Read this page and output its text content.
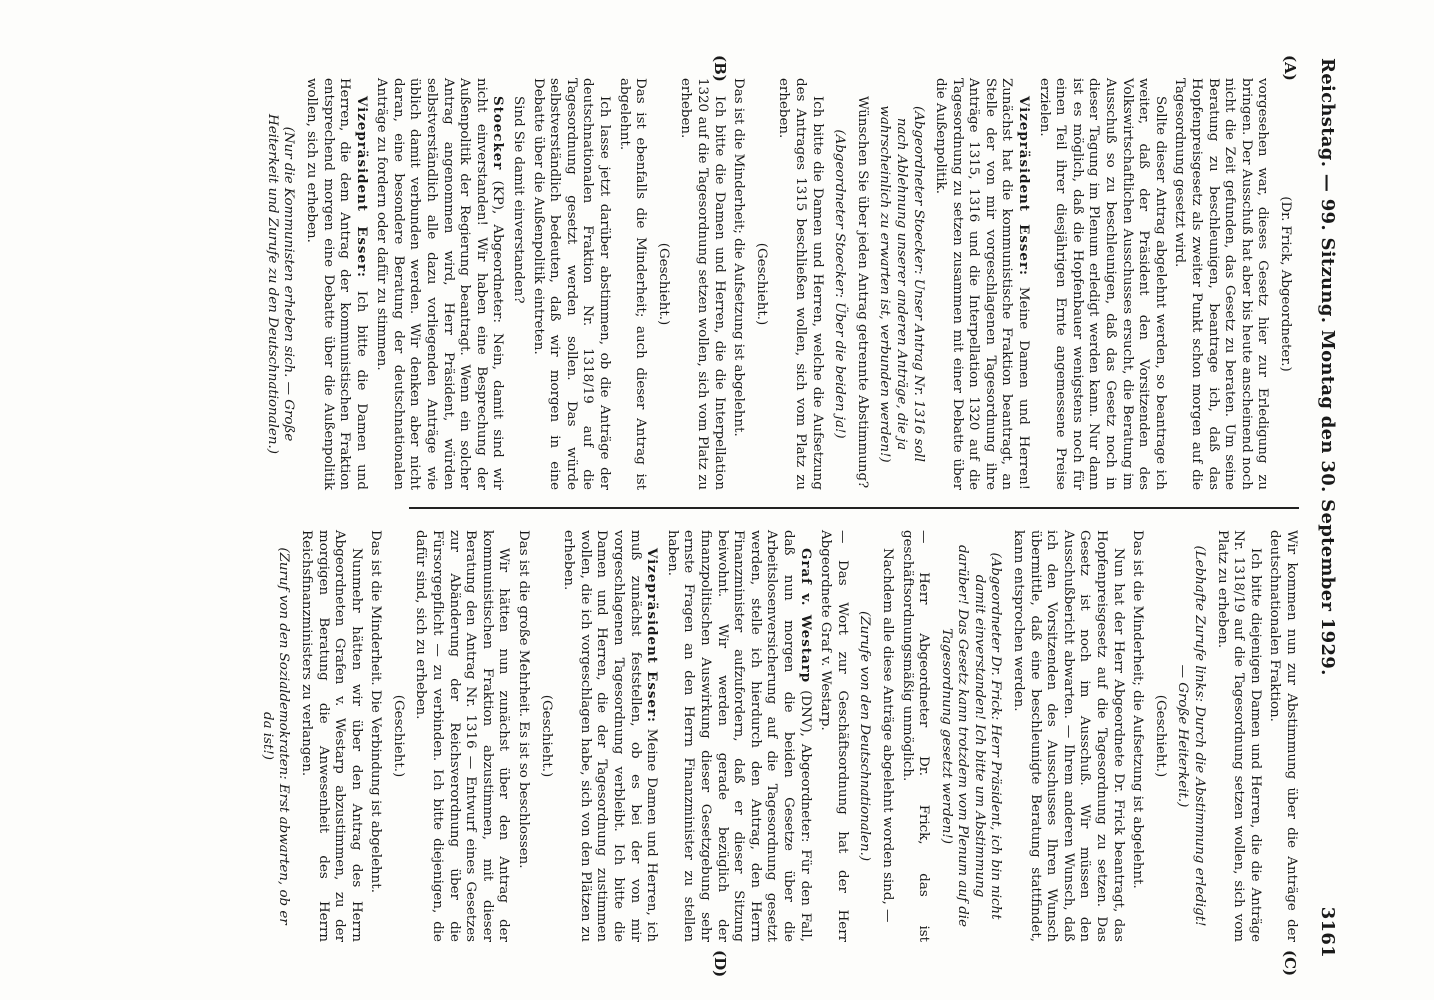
Reichstag. — 99. Sitzung. Montag den 30. September 1929.
3161
(A)
(B)
(C)
(D)

(Dr. Frick, Abgeordneter.)

vorgesehen war, dieses Gesetz hier zur Erledigung zu bringen. Der Ausschuß hat aber bis heute anscheinend noch nicht die Zeit gefunden, das Gesetz zu beraten. Um seine Beratung zu beschleunigen, beantrage ich, daß das Hopfenpreisgesetz als zweiter Punkt schon morgen auf die Tagesordnung gesetzt wird.

Sollte dieser Antrag abgelehnt werden, so beantrage ich weiter, daß der Präsident den Vorsitzenden des Volkswirtschaftlichen Ausschusses ersucht, die Beratung im Ausschuß so zu beschleunigen, daß das Gesetz noch in dieser Tagung im Plenum erledigt werden kann. Nur dann ist es möglich, daß die Hopfenbauer wenigstens noch für einen Teil ihrer diesjährigen Ernte angemessene Preise erzielen.

Vizepräsident Esser: Meine Damen und Herren! Zunächst hat die kommunistische Fraktion beantragt, an Stelle der von mir vorgeschlagenen Tagesordnung ihre Anträge 1315, 1316 und die Interpellation 1320 auf die Tagesordnung zu setzen zusammen mit einer Debatte über die Außenpolitik.

(Abgeordneter Stoecker: Unser Antrag Nr. 1316 soll nach Ablehnung unserer anderen Anträge, die ja wahrscheinlich zu erwarten ist, verbunden werden!)

Wünschen Sie über jeden Antrag getrennte Abstimmung?

(Abgeordneter Stoecker: Über die beiden ja!)

Ich bitte die Damen und Herren, welche die Aufsetzung des Antrages 1315 beschließen wollen, sich vom Platz zu erheben.

(Geschieht.)

Das ist die Minderheit; die Aufsetzung ist abgelehnt.

Ich bitte die Damen und Herren, die die Interpellation 1320 auf die Tagesordnung setzen wollen, sich vom Platz zu erheben.

(Geschieht.)

Das ist ebenfalls die Minderheit; auch dieser Antrag ist abgelehnt.

Ich lasse jetzt darüber abstimmen, ob die Anträge der deutschnationalen Fraktion Nr. 1318/19 auf die Tagesordnung gesetzt werden sollen. Das würde selbstverständlich bedeuten, daß wir morgen in eine Debatte über die Außenpolitik eintreten.

Sind Sie damit einverstanden?

Stoecker (KP), Abgeordneter: Nein, damit sind wir nicht einverstanden! Wir haben eine Besprechung der Außenpolitik der Regierung beantragt. Wenn ein solcher Antrag angenommen wird, Herr Präsident, würden selbstverständlich alle dazu vorliegenden Anträge wie üblich damit verbunden werden. Wir denken aber nicht daran, eine besondere Beratung der deutschnationalen Anträge zu fordern oder dafür zu stimmen.

Vizepräsident Esser: Ich bitte die Damen und Herren, die dem Antrag der kommunistischen Fraktion entsprechend morgen eine Debatte über die Außenpolitik wollen, sich zu erheben.

(Nur die Kommunisten erheben sich. — Große Heiterkeit und Zurufe zu den Deutschnationalen.)

Wir kommen nun zur Abstimmung über die Anträge der deutschnationalen Fraktion.

Ich bitte diejenigen Damen und Herren, die die Anträge Nr. 1318/19 auf die Tagesordnung setzen wollen, sich vom Platz zu erheben.

(Lebhafte Zurufe links: Durch die Abstimmung erledigt! — Große Heiterkeit.)

(Geschieht.)

Das ist die Minderheit; die Aufsetzung ist abgelehnt.

Nun hat der Herr Abgeordnete Dr. Frick beantragt, das Hopfenpreisgesetz auf die Tagesordnung zu setzen. Das Gesetz ist noch im Ausschuß. Wir müssen den Ausschußbericht abwarten. — Ihrem anderen Wunsch, daß ich den Vorsitzenden des Ausschusses Ihren Wunsch übermittle, daß eine beschleunigte Beratung stattfindet, kann entsprochen werden.

(Abgeordneter Dr. Frick: Herr Präsident, ich bin nicht damit einverstanden! Ich bitte um Abstimmung darüber! Das Gesetz kann trotzdem vom Plenum auf die Tagesordnung gesetzt werden!)

— Herr Abgeordneter Dr. Frick, das ist geschäftsordnungsmäßig unmöglich.

Nachdem alle diese Anträge abgelehnt worden sind, —

(Zurufe von den Deutschnationalen.)

— Das Wort zur Geschäftsordnung hat der Herr Abgeordnete Graf v. Westarp.

Graf v. Westarp (DNV), Abgeordneter: Für den Fall, daß nun morgen die beiden Gesetze über die Arbeitslosenversicherung auf die Tagesordnung gesetzt werden, stelle ich hierdurch den Antrag, den Herrn Finanzminister aufzufordern, daß er dieser Sitzung beiwohnt. Wir werden gerade bezüglich der finanzpolitischen Auswirkung dieser Gesetzgebung sehr ernste Fragen an den Herrn Finanzminister zu stellen haben.

Vizepräsident Esser: Meine Damen und Herren, ich muß zunächst feststellen, ob es bei der von mir vorgeschlagenen Tagesordnung verbleibt. Ich bitte die Damen und Herren, die der Tagesordnung zustimmen wollen, die ich vorgeschlagen habe, sich von den Plätzen zu erheben.

(Geschieht.)

Das ist die große Mehrheit. Es ist so beschlossen.

Wir hätten nun zunächst über den Antrag der kommunistischen Fraktion abzustimmen, mit dieser Beratung den Antrag Nr. 1316 — Entwurf eines Gesetzes zur Abänderung der Reichsverordnung über die Fürsorgepflicht — zu verbinden. Ich bitte diejenigen, die dafür sind, sich zu erheben.

(Geschieht.)

Das ist die Minderheit. Die Verbindung ist abgelehnt.

Nunmehr hätten wir über den Antrag des Herrn Abgeordneten Grafen v. Westarp abzustimmen, zu der morgigen Beratung die Anwesenheit des Herrn Reichsfinanzministers zu verlangen.

(Zuruf von den Sozialdemokraten: Erst abwarten, ob er da ist!)
